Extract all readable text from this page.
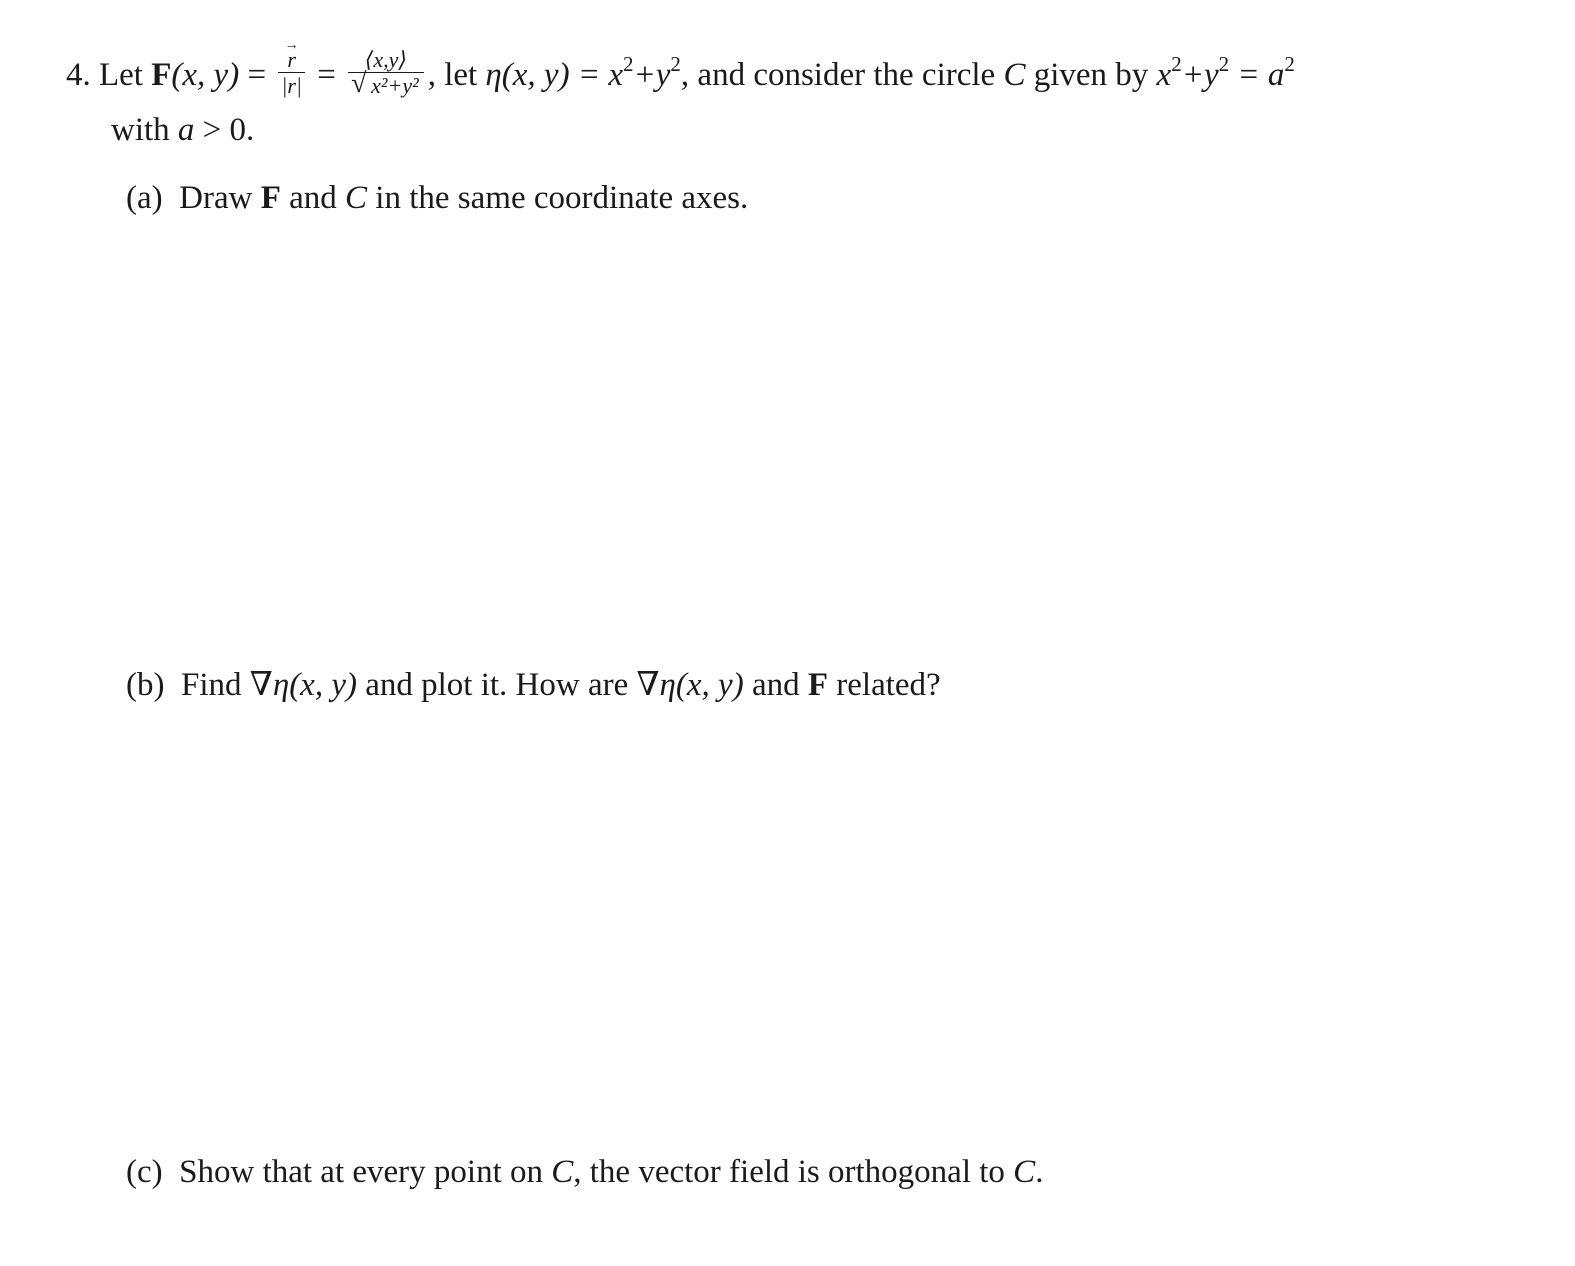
4. Let F(x, $y) = \frac{r \to}{|r|} = \frac{⟨x,y⟩}{\text{√ x²+y²}}$ , let η(x, $y) = x^2+y^2$, and consider the circle C given by $x^2+y^2 = a^2$
with a > 0.
(a) Draw F and C in the same coordinate axes.
(b) Find ∇η(x, y) and plot it. How are ∇η(x, y) and F related?
(c) Show that at every point on C, the vector field is orthogonal to C.
